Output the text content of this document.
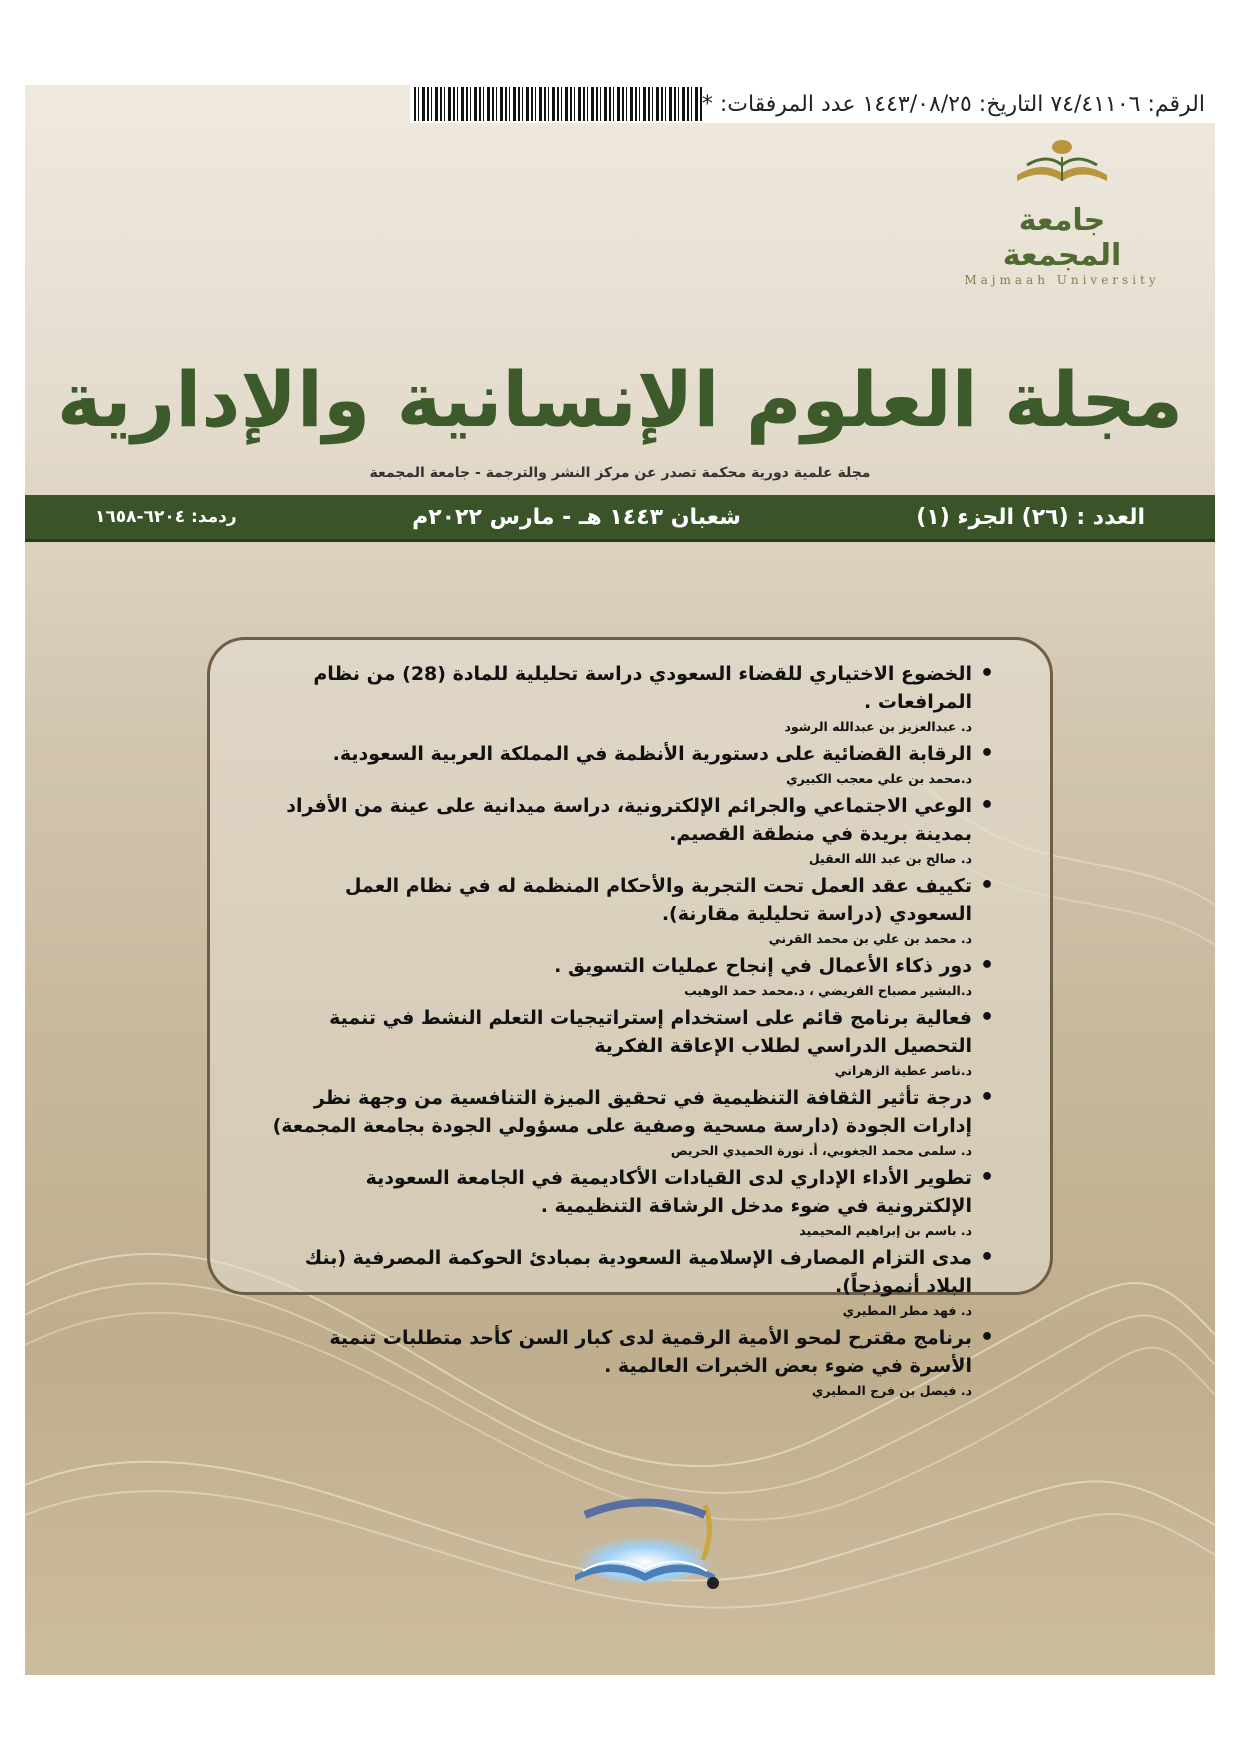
الرقم: ٧٤/٤١١٠٦ التاريخ: ١٤٤٣/٠٨/٢٥ عدد المرفقات: *
جامعة المجمعة
Majmaah University
مجلة العلوم الإنسانية والإدارية
مجلة علمية دورية محكمة تصدر عن مركز النشر والترجمة - جامعة المجمعة
العدد : (٢٦) الجزء (١)
شعبان ١٤٤٣ هـ - مارس ٢٠٢٢م
ردمد: ٦٢٠٤-١٦٥٨
• الخضوع الاختياري للقضاء السعودي دراسة تحليلية للمادة (28) من نظام المرافعات .
د. عبدالعزيز بن عبدالله الرشود
• الرقابة القضائية على دستورية الأنظمة في المملكة العربية السعودية.
د.محمد بن علي معجب الكبيري
• الوعي الاجتماعي والجرائم الإلكترونية، دراسة ميدانية على عينة من الأفراد بمدينة بريدة في منطقة القصيم.
د. صالح بن عبد الله العقيل
• تكييف عقد العمل تحت التجربة والأحكام المنظمة له في نظام العمل السعودي (دراسة تحليلية مقارنة).
د. محمد بن علي بن محمد القرني
• دور ذكاء الأعمال في إنجاح عمليات التسويق .
د.البشير مصباح الفريضي ، د.محمد حمد الوهيب
• فعالية برنامج قائم على استخدام إستراتيجيات التعلم النشط في تنمية التحصيل الدراسي لطلاب الإعاقة الفكرية
د.ناصر عطية الزهراني
• درجة تأثير الثقافة التنظيمية في تحقيق الميزة التنافسية من وجهة نظر إدارات الجودة (دارسة مسحية وصفية على مسؤولي الجودة بجامعة المجمعة)
د. سلمى محمد الجغوبي، أ. نورة الحميدي الحريص
• تطوير الأداء الإداري لدى القيادات الأكاديمية في الجامعة السعودية الإلكترونية في ضوء مدخل الرشاقة التنظيمية .
د. باسم بن إبراهيم المحيميد
• مدى التزام المصارف الإسلامية السعودية بمبادئ الحوكمة المصرفية (بنك البلاد أنموذجاً).
د. فهد مطر المطيري
• برنامج مقترح لمحو الأمية الرقمية لدى كبار السن كأحد متطلبات تنمية الأسرة في ضوء بعض الخبرات العالمية .
د. فيصل بن فرج المطيري
